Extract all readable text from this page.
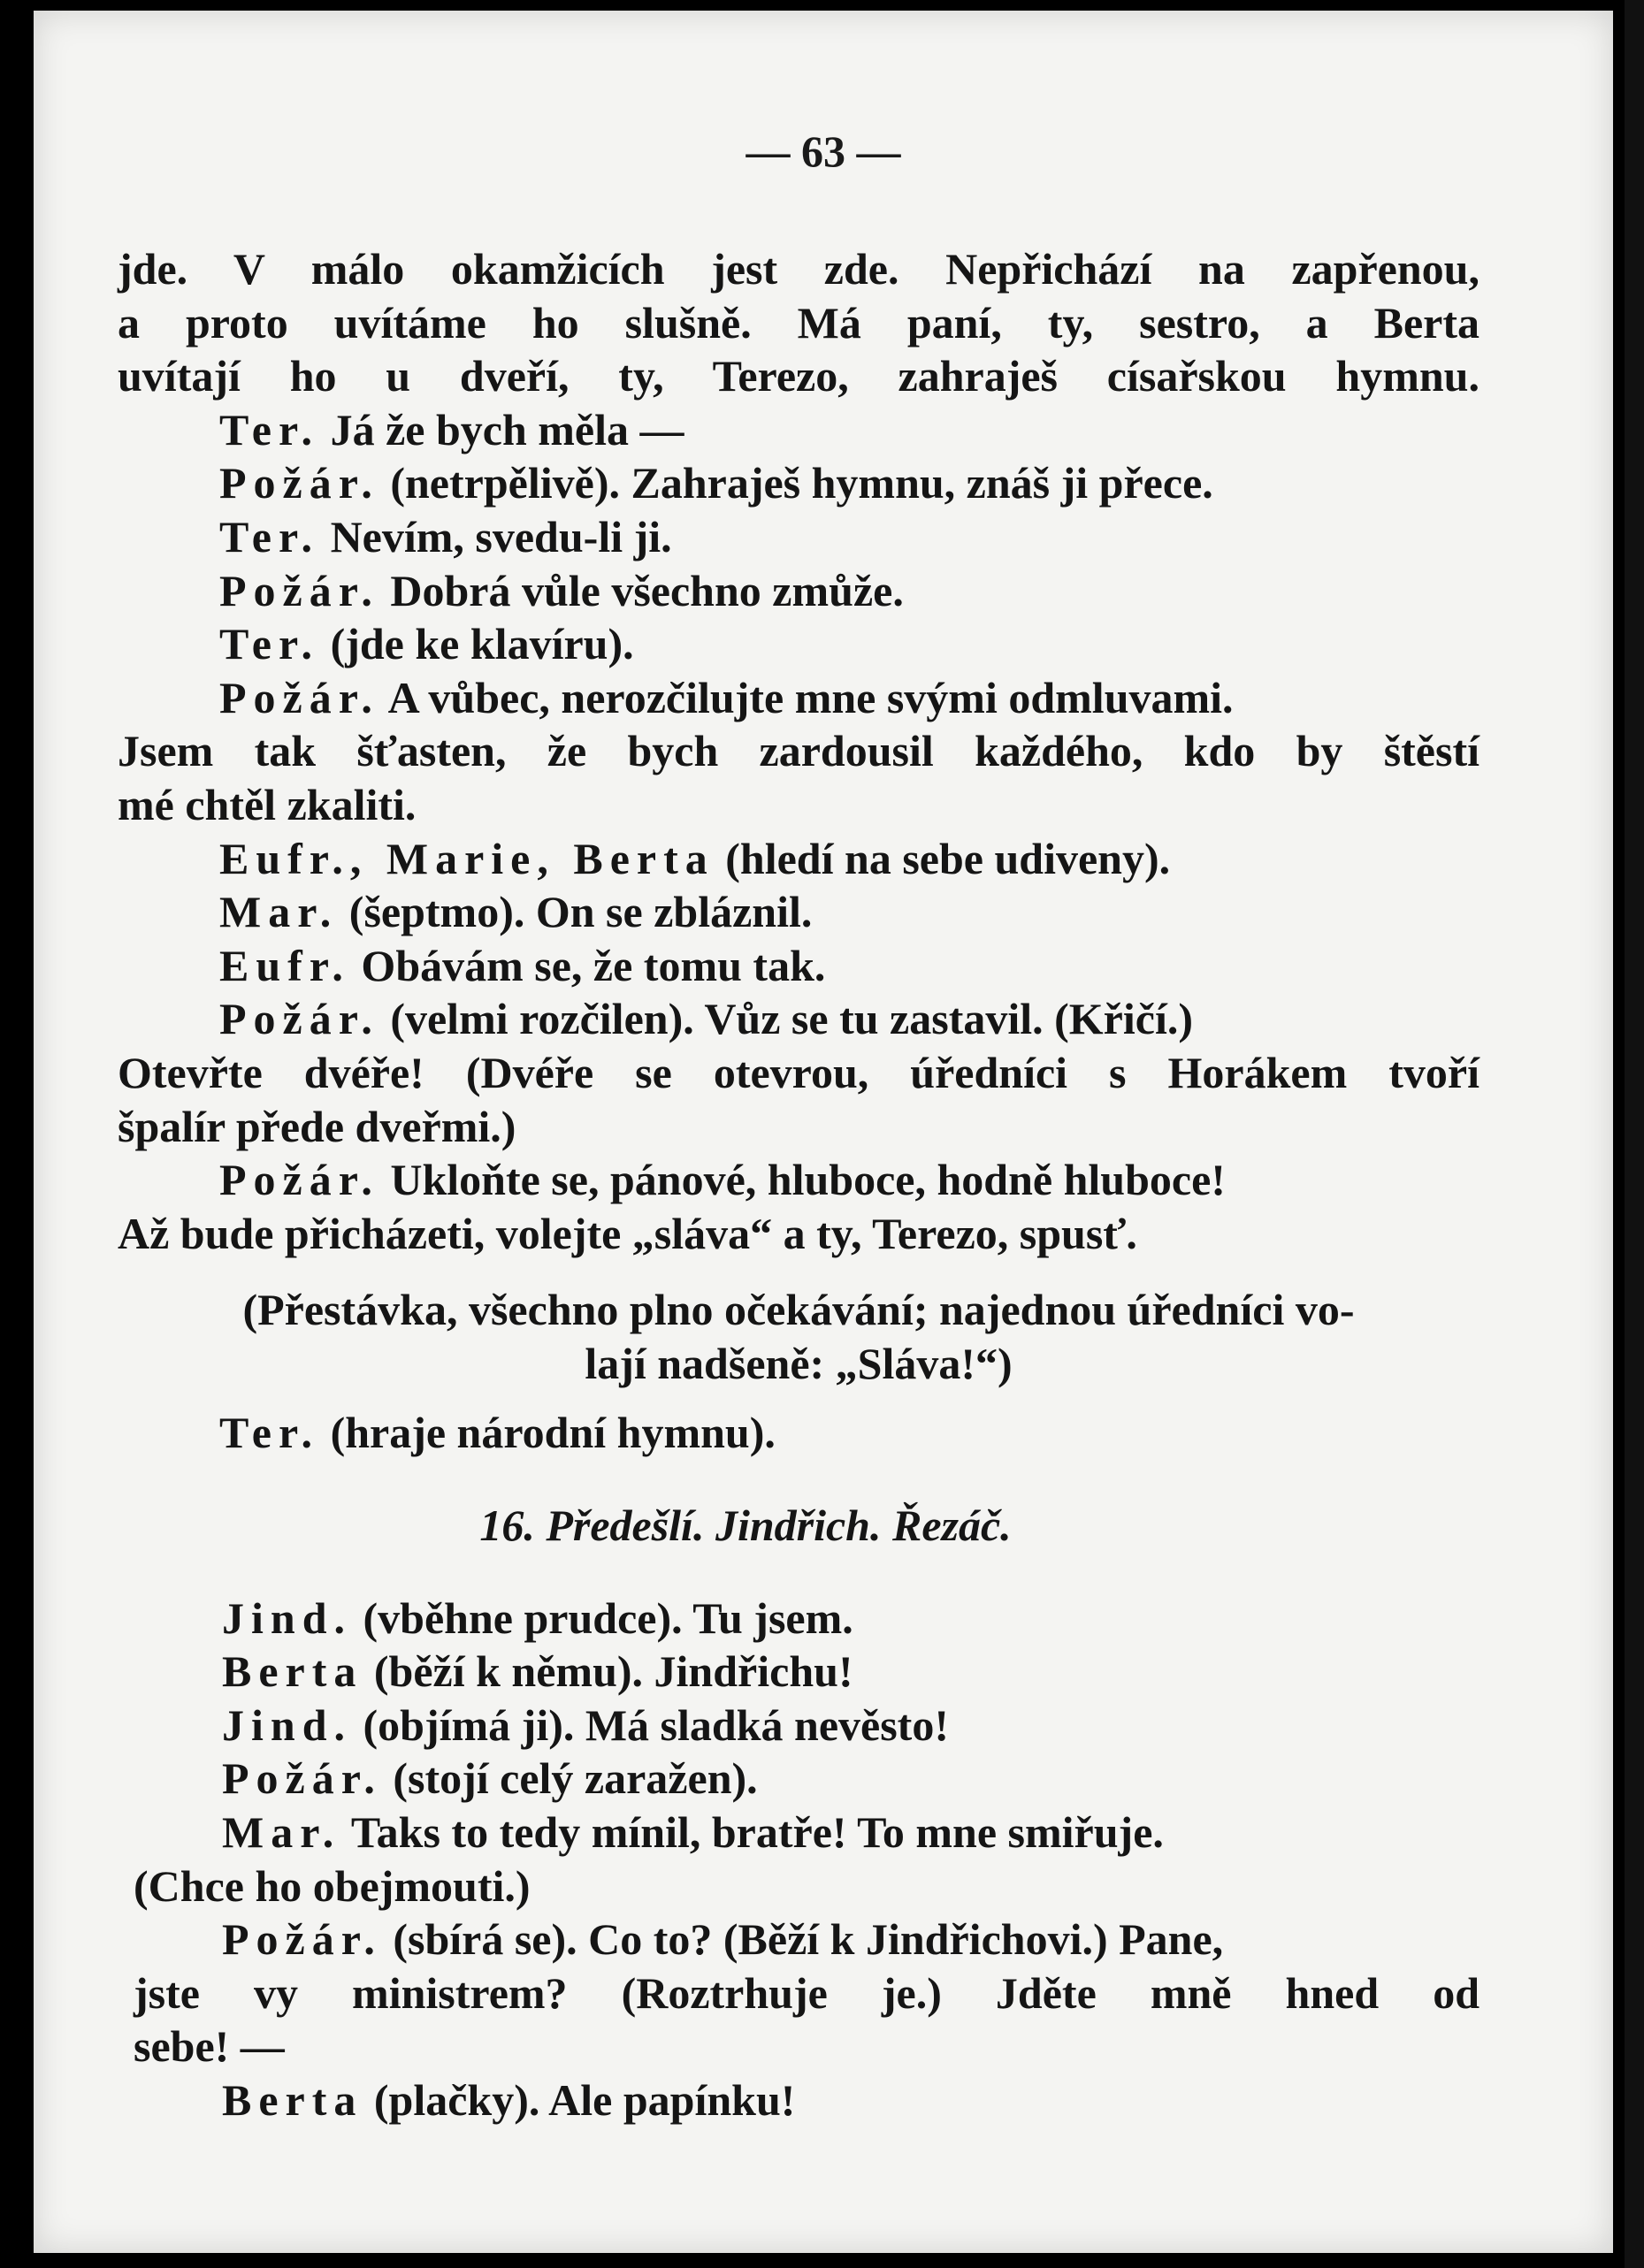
— 63 —
jde. V málo okamžicích jest zde. Nepřichází na zapřenou,
a proto uvítáme ho slušně. Má paní, ty, sestro, a Berta
uvítají ho u dveří, ty, Terezo, zahraješ císařskou hymnu.
Ter. Já že bych měla —
Požár. (netrpělivě). Zahraješ hymnu, znáš ji přece.
Ter. Nevím, svedu-li ji.
Požár. Dobrá vůle všechno zmůže.
Ter. (jde ke klavíru).
Požár. A vůbec, nerozčilujte mne svými odmluvami.
Jsem tak šťasten, že bych zardousil každého, kdo by štěstí
mé chtěl zkaliti.
Eufr., Marie, Berta (hledí na sebe udiveny).
Mar. (šeptmo). On se zbláznil.
Eufr. Obávám se, že tomu tak.
Požár. (velmi rozčilen). Vůz se tu zastavil. (Křičí.)
Otevřte dvéře! (Dvéře se otevrou, úředníci s Horákem tvoří
špalír přede dveřmi.)
Požár. Ukloňte se, pánové, hluboce, hodně hluboce!
Až bude přicházeti, volejte „sláva“ a ty, Terezo, spusť.
(Přestávka, všechno plno očekávání; najednou úředníci vo-
lají nadšeně: „Sláva!“)
Ter. (hraje národní hymnu).
16. Předešlí. Jindřich. Řezáč.
Jind. (vběhne prudce). Tu jsem.
Berta (běží k němu). Jindřichu!
Jind. (objímá ji). Má sladká nevěsto!
Požár. (stojí celý zaražen).
Mar. Taks to tedy mínil, bratře! To mne smiřuje.
(Chce ho obejmouti.)
Požár. (sbírá se). Co to? (Běží k Jindřichovi.) Pane,
jste vy ministrem? (Roztrhuje je.) Jděte mně hned od
sebe! —
Berta (plačky). Ale papínku!
